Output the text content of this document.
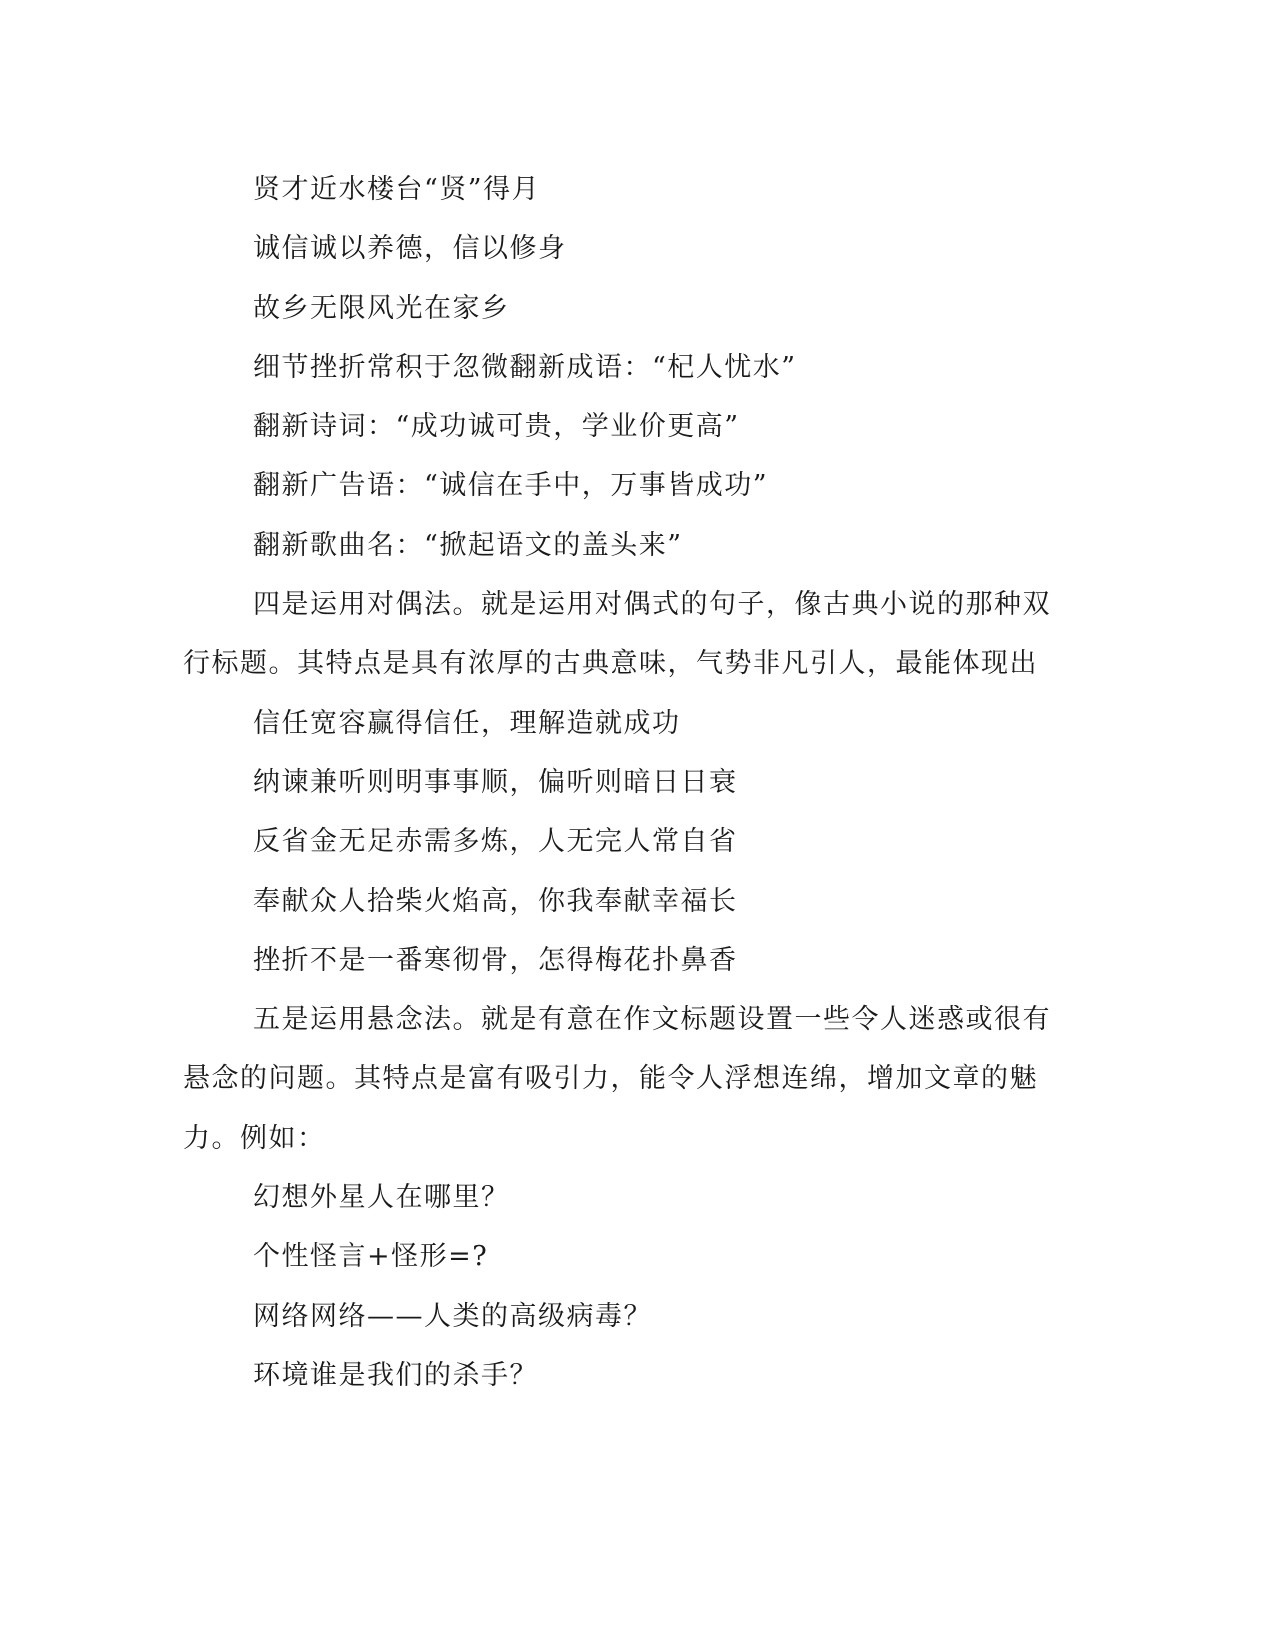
贤才近水楼台“贤”得月
诚信诚以养德，信以修身
故乡无限风光在家乡
细节挫折常积于忽微翻新成语：“杞人忧水”
翻新诗词：“成功诚可贵，学业价更高”
翻新广告语：“诚信在手中，万事皆成功”
翻新歌曲名：“掀起语文的盖头来”
四是运用对偶法。就是运用对偶式的句子，像古典小说的那种双
行标题。其特点是具有浓厚的古典意味，气势非凡引人，最能体现出
信任宽容赢得信任，理解造就成功
纳谏兼听则明事事顺，偏听则暗日日衰
反省金无足赤需多炼，人无完人常自省
奉献众人拾柴火焰高，你我奉献幸福长
挫折不是一番寒彻骨，怎得梅花扑鼻香
五是运用悬念法。就是有意在作文标题设置一些令人迷惑或很有
悬念的问题。其特点是富有吸引力，能令人浮想连绵，增加文章的魅
力。例如：
幻想外星人在哪里？
个性怪言+怪形=?
网络网络——人类的高级病毒？
环境谁是我们的杀手？
